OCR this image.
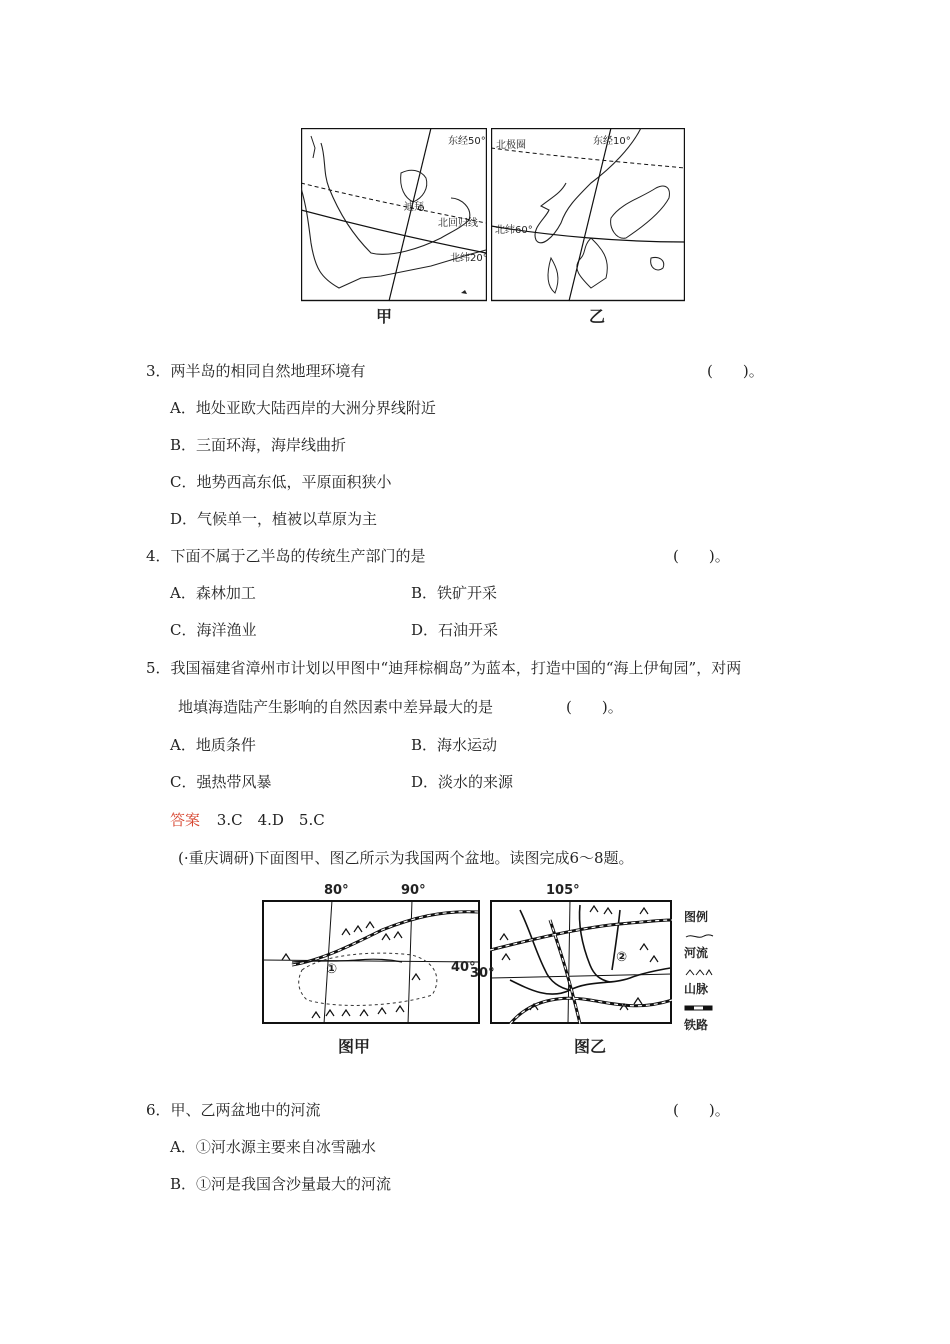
东经50°
迪拜
北回归线
北纬20°
甲
北极圈	东经10°
北纬60°
乙
3．两半岛的相同自然地理环境有	(　　)。
A．地处亚欧大陆西岸的大洲分界线附近
B．三面环海，海岸线曲折
C．地势西高东低，平原面积狭小
D．气候单一，植被以草原为主
4．下面不属于乙半岛的传统生产部门的是	(　　)。
A．森林加工	B．铁矿开采
C．海洋渔业	D．石油开采
5．我国福建省漳州市计划以甲图中“迪拜棕榈岛”为蓝本，打造中国的“海上伊甸园”，对两
地填海造陆产生影响的自然因素中差异最大的是	(　　)。
A．地质条件	B．海水运动
C．强热带风暴	D．淡水的来源
答案 3.C　4.D　5.C
(·重庆调研)下面图甲、图乙所示为我国两个盆地。读图完成6～8题。
80°	90°
40°
①
图甲
105°
30°
②
图乙
图例
河流
山脉
铁路
6．甲、乙两盆地中的河流	(　　)。
A．①河水源主要来自冰雪融水
B．①河是我国含沙量最大的河流
